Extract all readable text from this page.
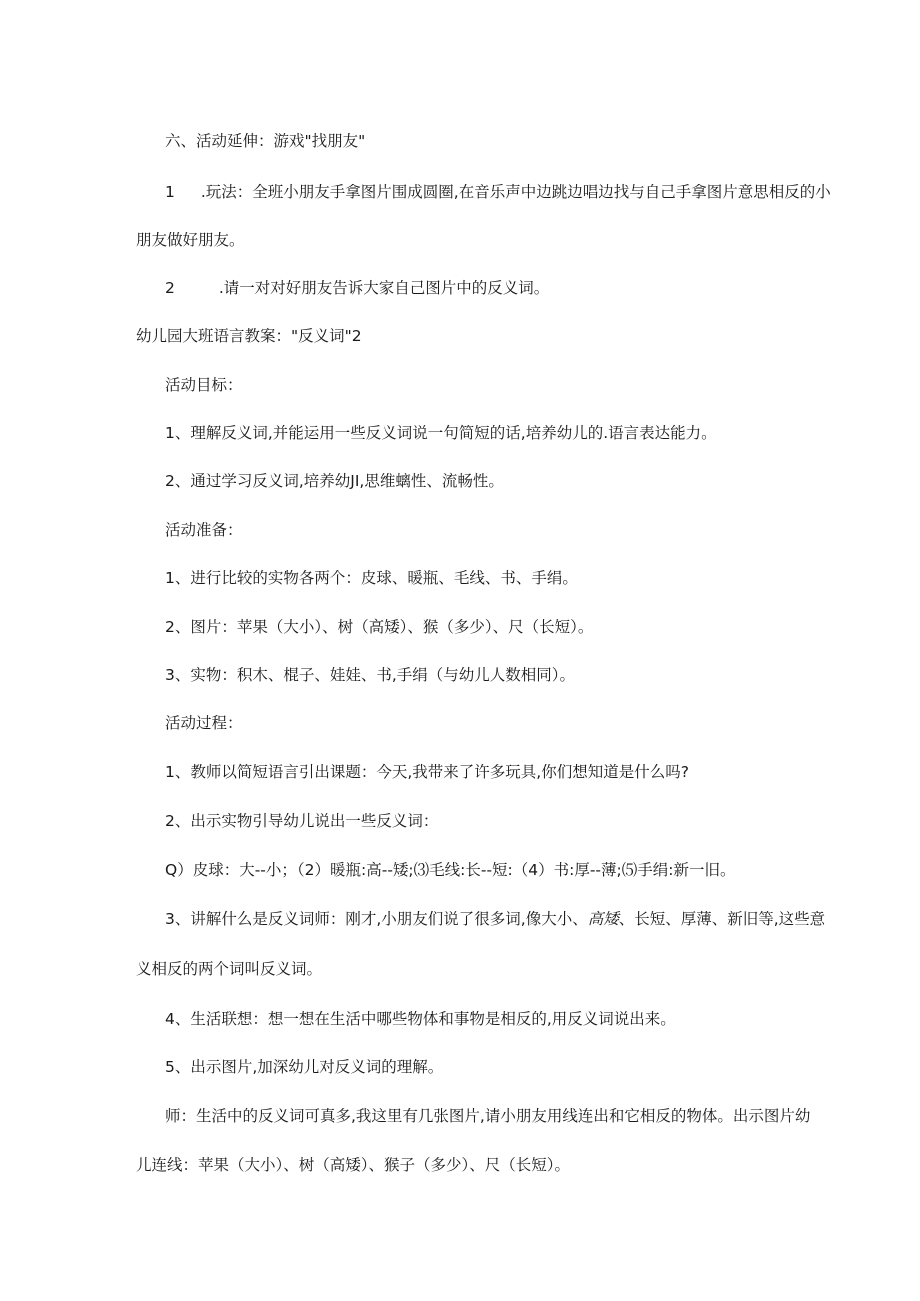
六、活动延伸：游戏"找朋友"
1 .玩法：全班小朋友手拿图片围成圆圈,在音乐声中边跳边唱边找与自己手拿图片意思相反的小
朋友做好朋友。
2	.请一对对好朋友告诉大家自己图片中的反义词。
幼儿园大班语言教案："反义词"2
活动目标：
1、理解反义词,并能运用一些反义词说一句简短的话,培养幼儿的.语言表达能力。
2、通过学习反义词,培养幼JI,思维螭性、流畅性。
活动准备：
1、进行比较的实物各两个：皮球、暖瓶、毛线、书、手绢。
2、图片：苹果（大小）、树（高矮）、猴（多少）、尺（长短）。
3、实物：积木、棍子、娃娃、书,手绢（与幼儿人数相同）。
活动过程：
1、教师以简短语言引出课题：今天,我带来了许多玩具,你们想知道是什么吗?
2、出示实物引导幼儿说出一些反义词：
Q）皮球：大--小；（2）暖瓶:高--矮;⑶毛线:长--短:（4）书:厚--薄;⑸手绢:新一旧。
3、讲解什么是反义词师：刚才,小朋友们说了很多词,像大小、高矮、长短、厚薄、新旧等,这些意
义相反的两个词叫反义词。
4、生活联想：想一想在生活中哪些物体和事物是相反的,用反义词说出来。
5、出示图片,加深幼儿对反义词的理解。
师：生活中的反义词可真多,我这里有几张图片,请小朋友用线连出和它相反的物体。出示图片幼
儿连线：苹果（大小）、树（高矮）、猴子（多少）、尺（长短）。
